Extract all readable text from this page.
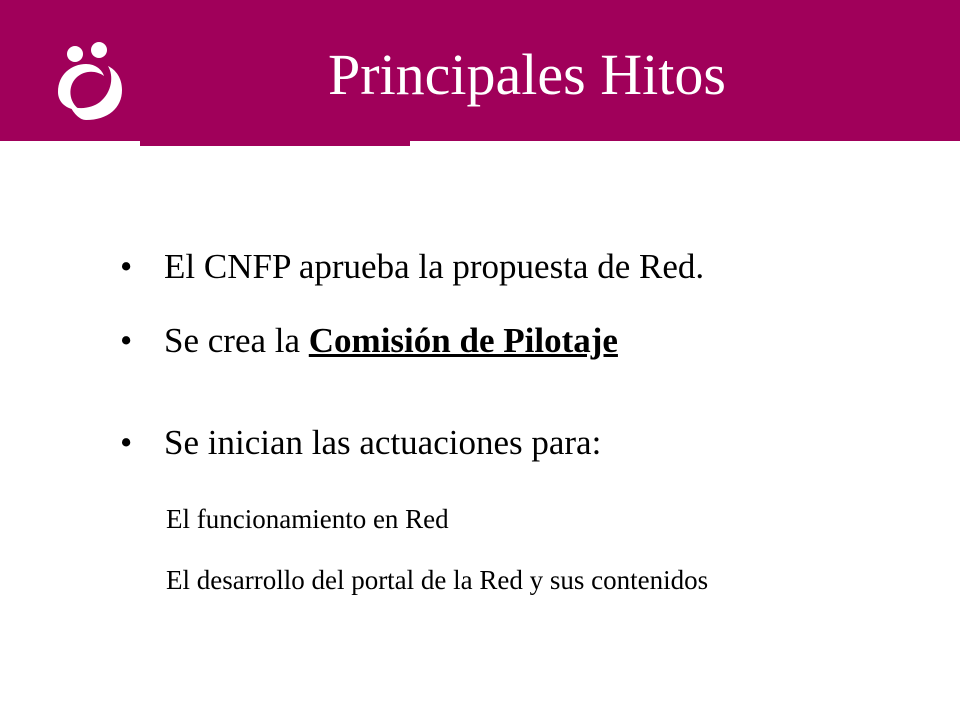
Principales Hitos
• El CNFP aprueba la propuesta de Red.
• Se crea la Comisión de Pilotaje
• Se inician las actuaciones para:
El funcionamiento en Red
El desarrollo del portal de la Red y sus contenidos
